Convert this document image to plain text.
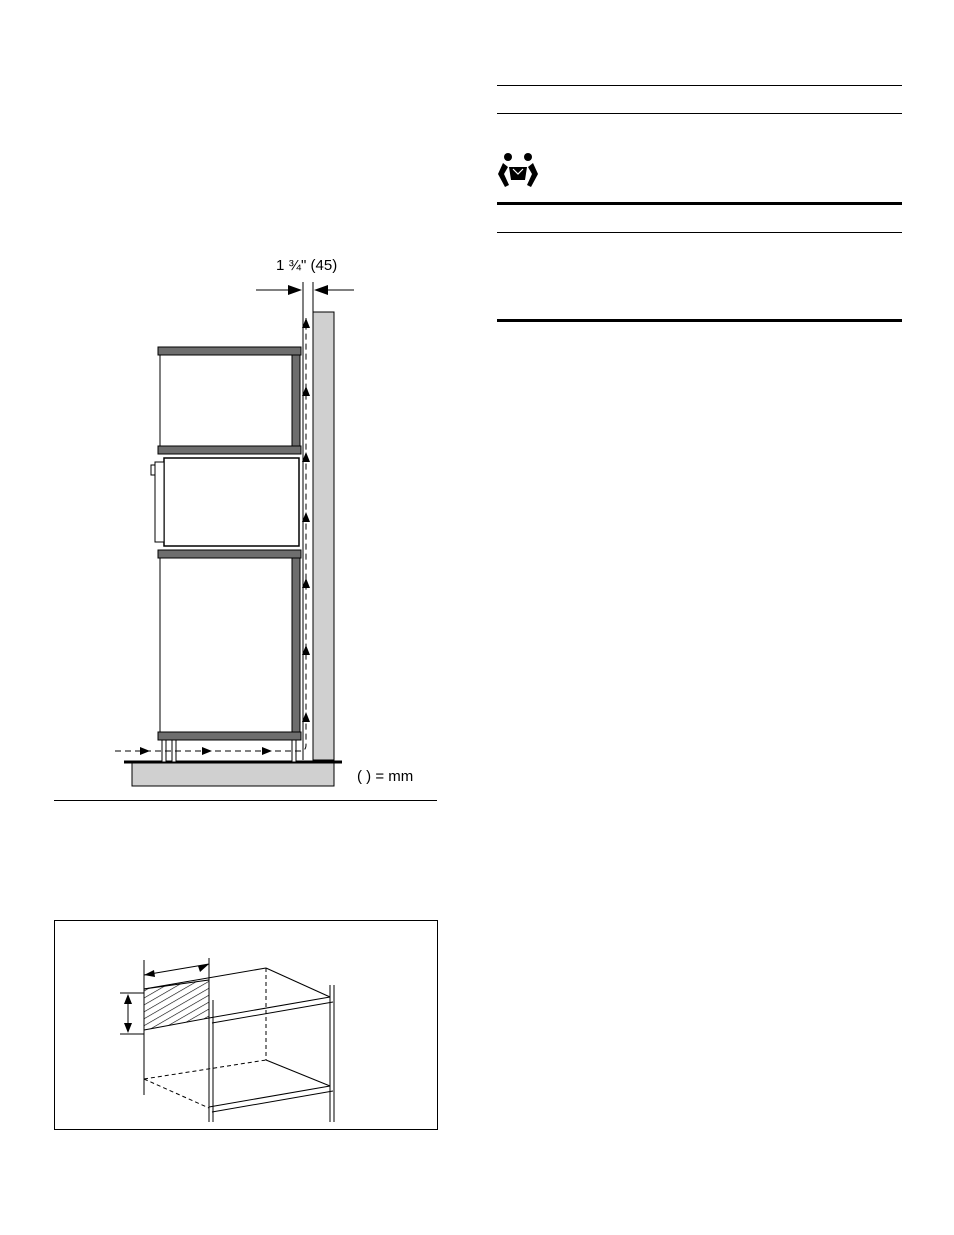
1 ¾" (45)
( ) = mm
